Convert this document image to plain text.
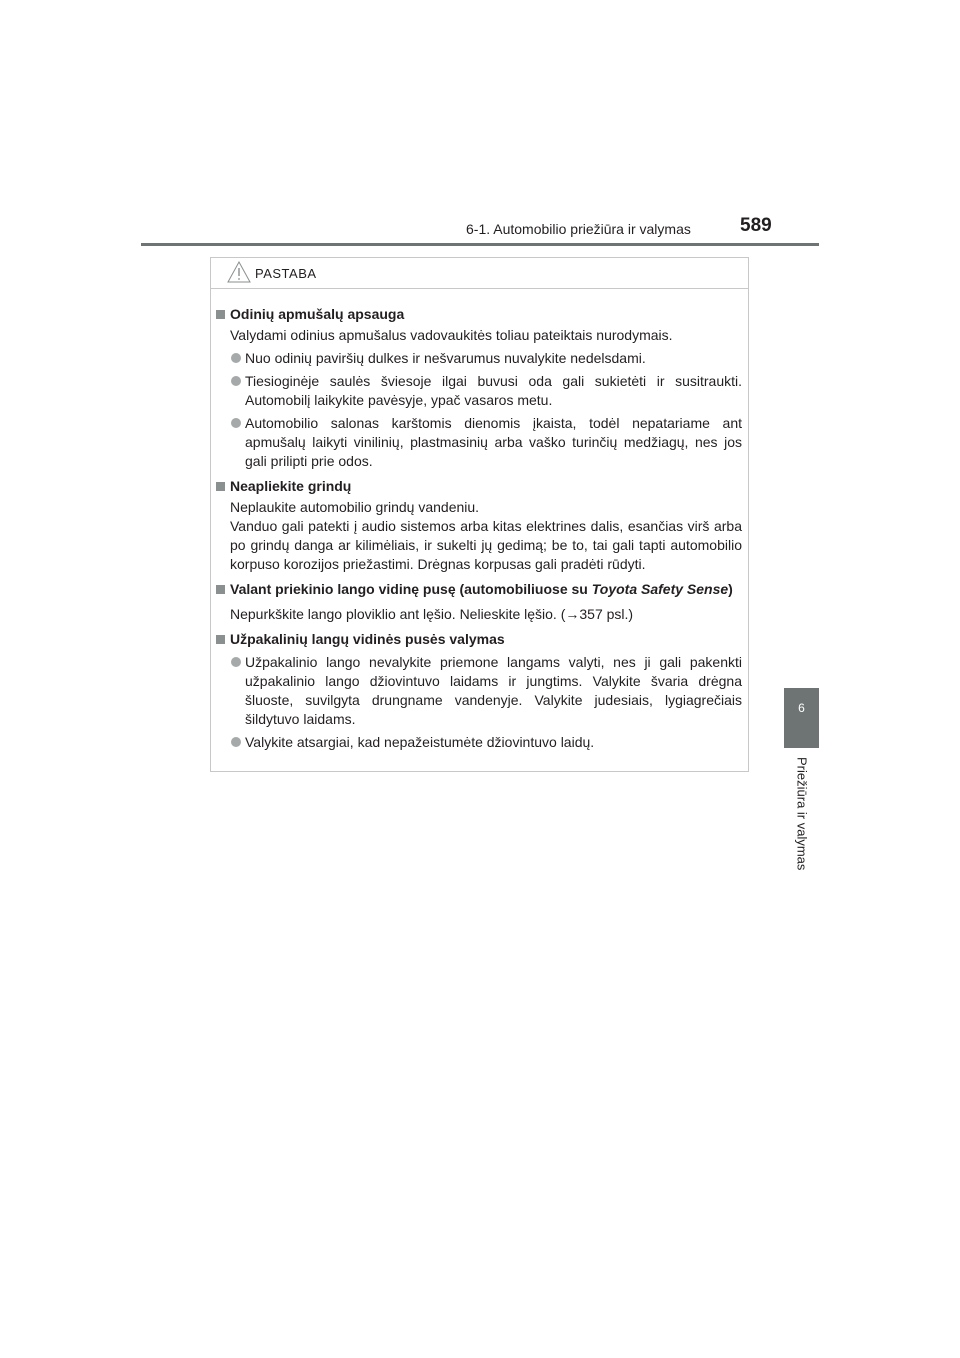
6-1. Automobilio priežiūra ir valymas	589
6
Priežiūra ir valymas
PASTABA
Odinių apmušalų apsauga
Valydami odinius apmušalus vadovaukitės toliau pateiktais nurodymais.
Nuo odinių paviršių dulkes ir nešvarumus nuvalykite nedelsdami.
Tiesioginėje saulės šviesoje ilgai buvusi oda gali sukietėti ir susitraukti. Automobilį laikykite pavėsyje, ypač vasaros metu.
Automobilio salonas karštomis dienomis įkaista, todėl nepatariame ant apmušalų laikyti vinilinių, plastmasinių arba vaško turinčių medžiagų, nes jos gali prilipti prie odos.
Neapliekite grindų
Neplaukite automobilio grindų vandeniu.
Vanduo gali patekti į audio sistemos arba kitas elektrines dalis, esančias virš arba po grindų danga ar kilimėliais, ir sukelti jų gedimą; be to, tai gali tapti automobilio korpuso korozijos priežastimi. Drėgnas korpusas gali pradėti rūdyti.
Valant priekinio lango vidinę pusę (automobiliuose su Toyota Safety Sense)
Nepurkškite lango ploviklio ant lęšio. Nelieskite lęšio. (→357 psl.)
Užpakalinių langų vidinės pusės valymas
Užpakalinio lango nevalykite priemone langams valyti, nes ji gali pakenkti užpakalinio lango džiovintuvo laidams ir jungtims. Valykite švaria drėgna šluoste, suvilgyta drungname vandenyje. Valykite judesiais, lygiagrečiais šildytuvo laidams.
Valykite atsargiai, kad nepažeistumėte džiovintuvo laidų.
